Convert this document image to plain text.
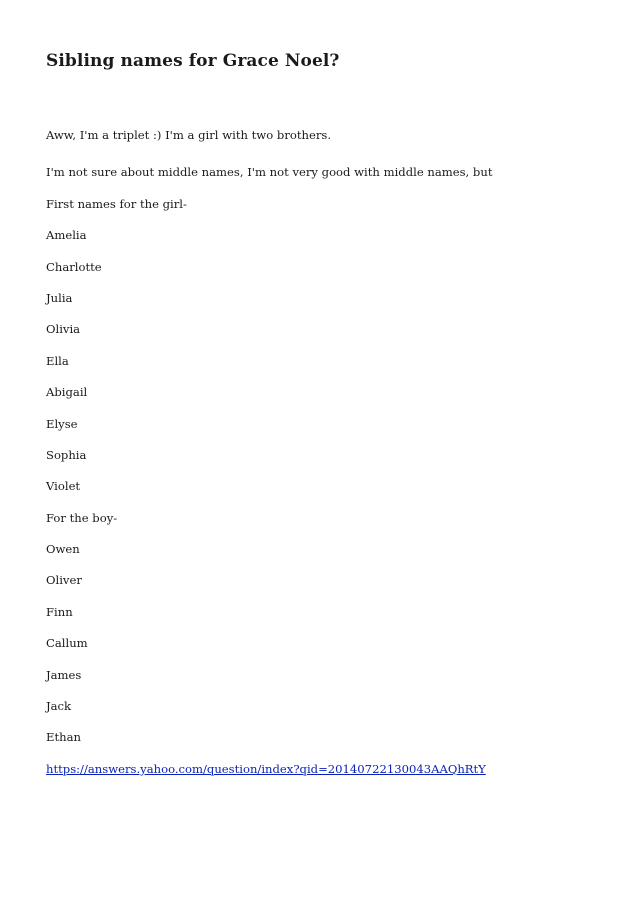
Sibling names for Grace Noel?

Aww, I'm a triplet :) I'm a girl with two brothers.

I'm not sure about middle names, I'm not very good with middle names, but

First names for the girl-

Amelia

Charlotte

Julia

Olivia

Ella

Abigail

Elyse

Sophia

Violet

For the boy-

Owen

Oliver

Finn

Callum

James

Jack

Ethan

https://answers.yahoo.com/question/index?qid=20140722130043AAQhRtY
